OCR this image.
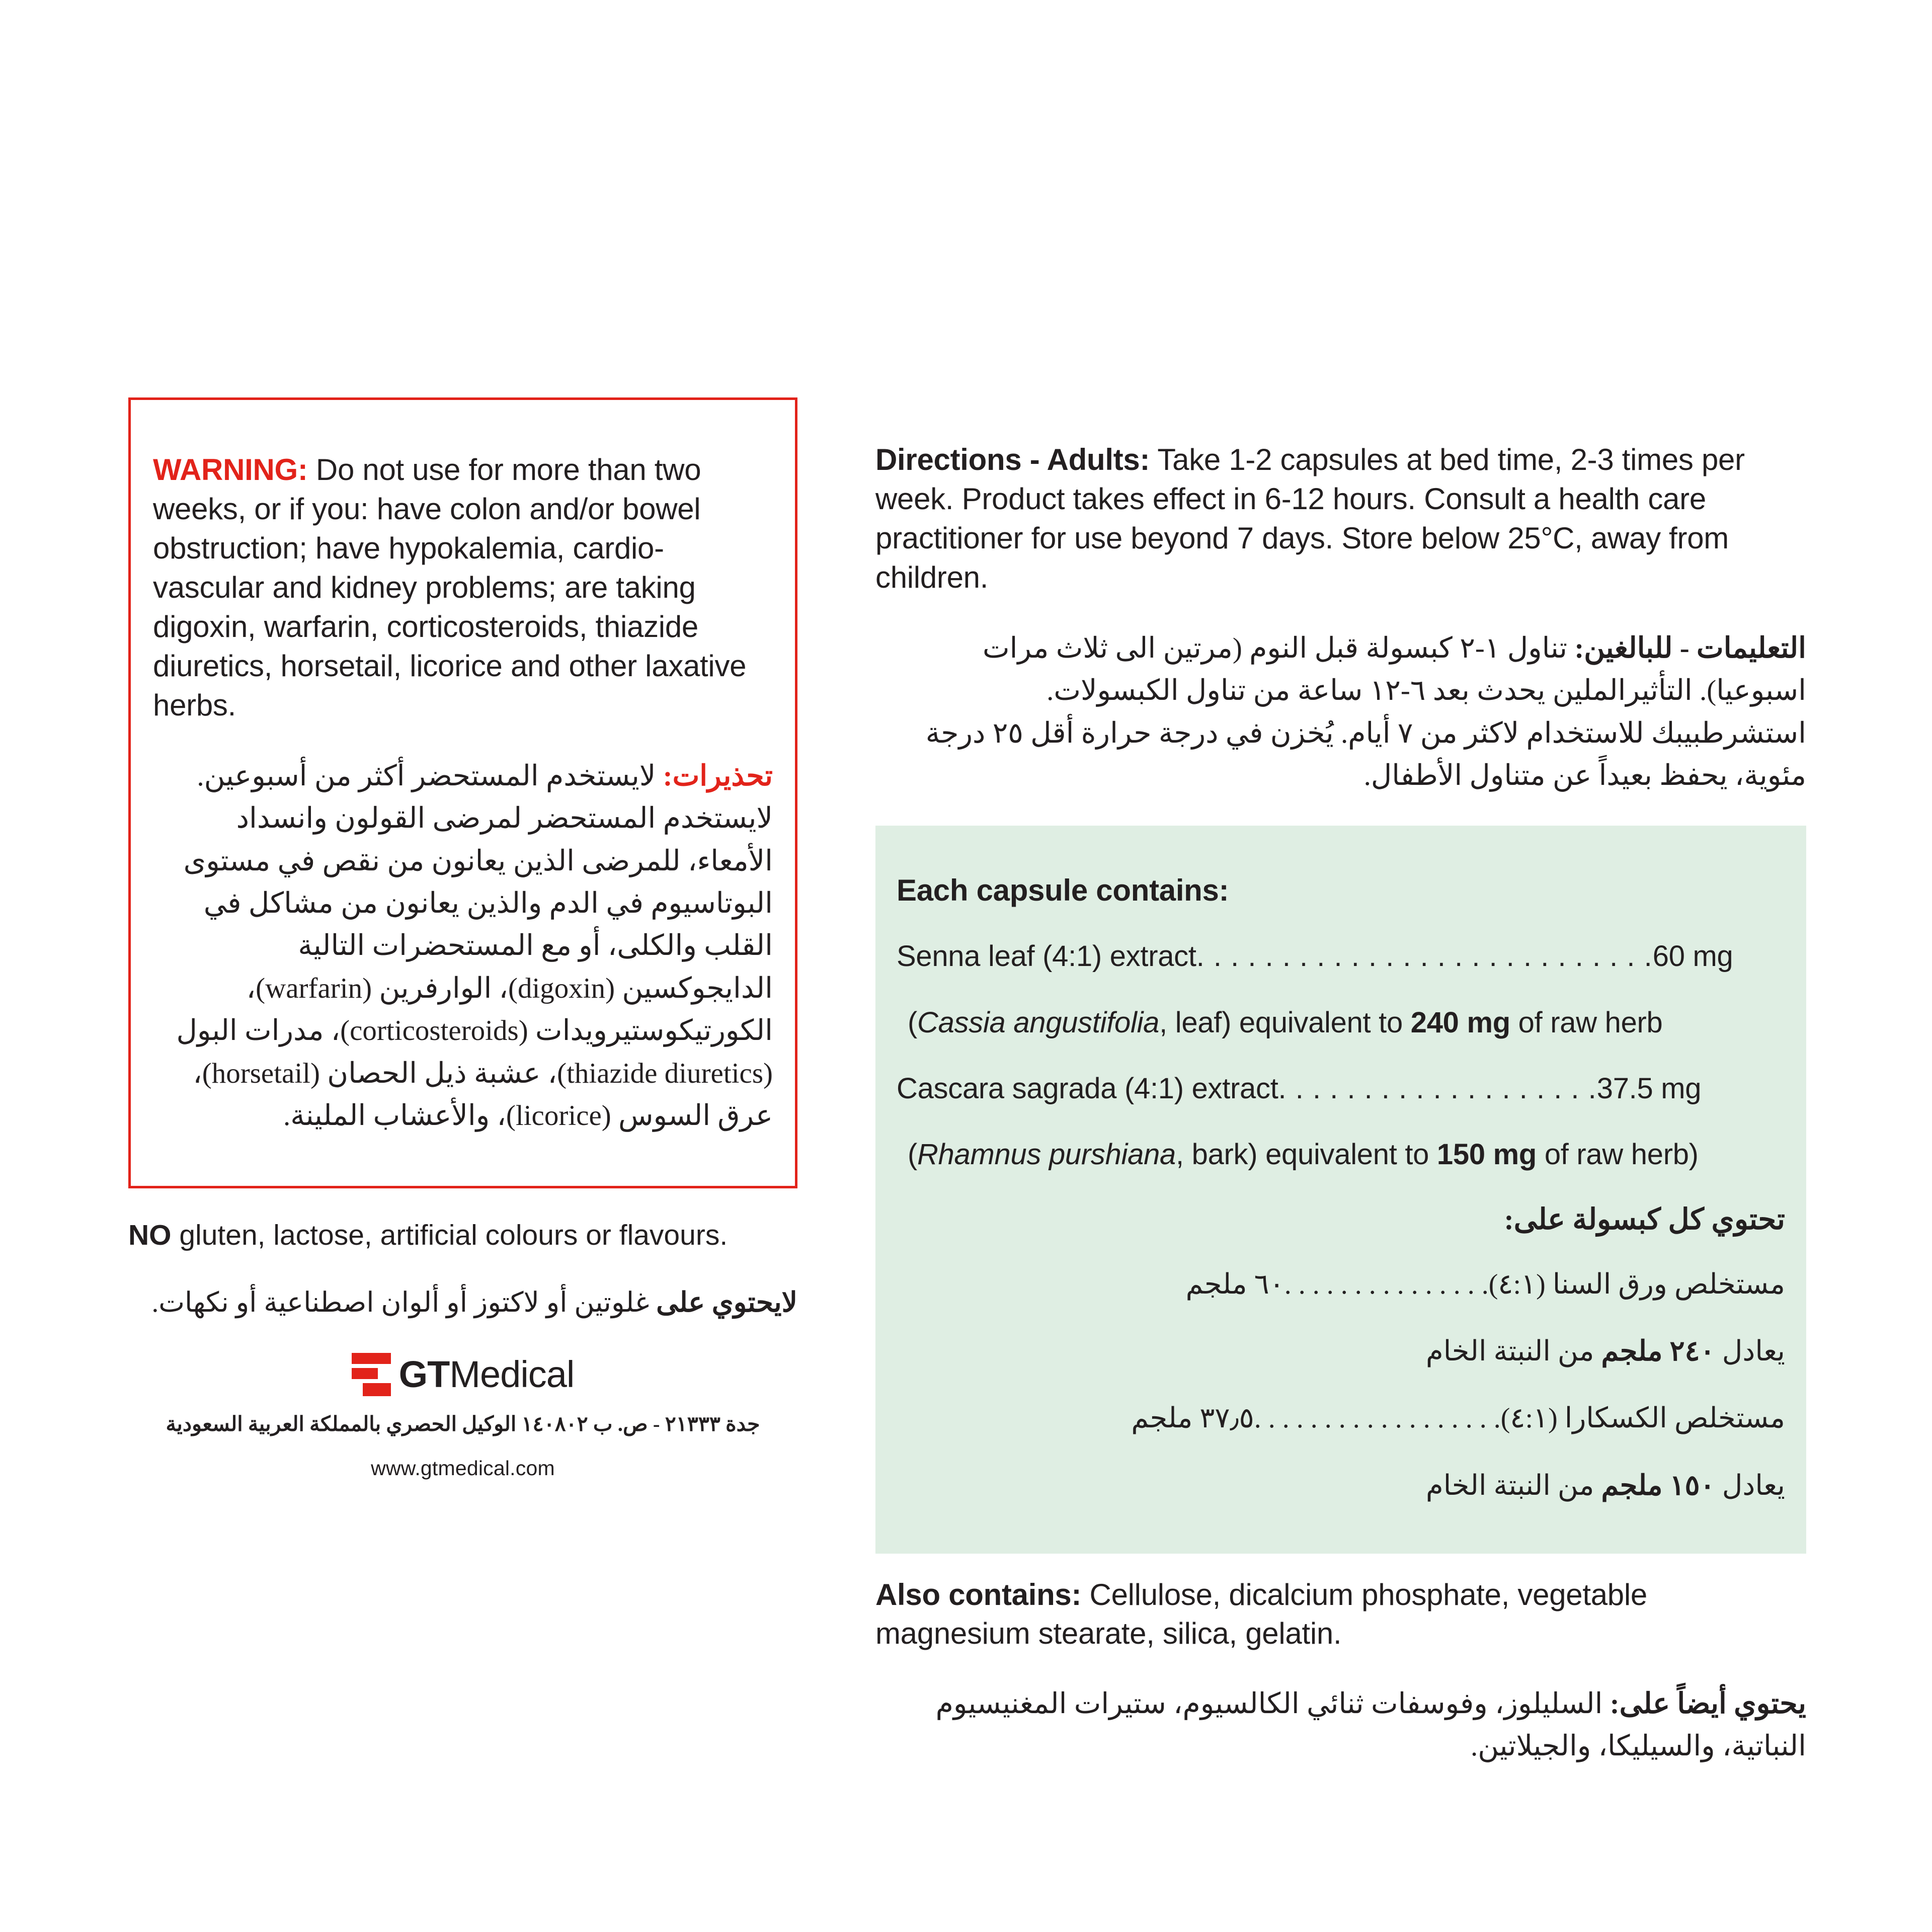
WARNING: Do not use for more than two weeks, or if you: have colon and/or bowel obstruction; have hypokalemia, cardio-vascular and kidney problems; are taking digoxin, warfarin, corticosteroids, thiazide diuretics, horsetail, licorice and other laxative herbs.

تحذيرات: لايستخدم المستحضر أكثر من أسبوعين. لايستخدم المستحضر لمرضى القولون وانسداد الأمعاء، للمرضى الذين يعانون من نقص في مستوى البوتاسيوم في الدم والذين يعانون من مشاكل في القلب والكلى، أو مع المستحضرات التالية الدايجوكسين (digoxin)، الوارفرين (warfarin)، الكورتيكوستيرويدات (corticosteroids)، مدرات البول (thiazide diuretics)، عشبة ذيل الحصان (horsetail)، عرق السوس (licorice)، والأعشاب الملينة.

NO gluten, lactose, artificial colours or flavours.

لايحتوي على غلوتين أو لاكتوز أو ألوان اصطناعية أو نكهات.

GTMedical

جدة ٢١٣٣٣ - ص. ب ١٤٠٨٠٢ الوكيل الحصري بالمملكة العربية السعودية

www.gtmedical.com

Directions - Adults: Take 1-2 capsules at bed time, 2-3 times per week. Product takes effect in 6-12 hours. Consult a health care practitioner for use beyond 7 days. Store below 25°C, away from children.

التعليمات - للبالغين: تناول ١-٢ كبسولة قبل النوم (مرتين الى ثلاث مرات اسبوعيا). التأثيرالملين يحدث بعد ٦-١٢ ساعة من تناول الكبسولات. استشرطبيبك للاستخدام لاكثر من ٧ أيام. يُخزن في درجة حرارة أقل ٢٥ درجة مئوية، يحفظ بعيداً عن متناول الأطفال.

Each capsule contains:

Senna leaf (4:1) extract. . . . . . . . . . . . . . . . . . . . . . . . . . .60 mg

(Cassia angustifolia, leaf) equivalent to 240 mg of raw herb

Cascara sagrada (4:1) extract. . . . . . . . . . . . . . . . . . .37.5 mg

(Rhamnus purshiana, bark) equivalent to 150 mg of raw herb)

تحتوي كل كبسولة على:

مستخلص ورق السنا (٤:١). . . . . . . . . . . . . . .٦٠ ملجم

يعادل ٢٤٠ ملجم من النبتة الخام

مستخلص الكسكارا (٤:١). . . . . . . . . . . . . . . . . .٣٧٫٥ ملجم

يعادل ١٥٠ ملجم من النبتة الخام

Also contains: Cellulose, dicalcium phosphate, vegetable magnesium stearate, silica, gelatin.

يحتوي أيضاً على: السليلوز، وفوسفات ثنائي الكالسيوم، ستيرات المغنيسيوم النباتية، والسيليكا، والجيلاتين.
